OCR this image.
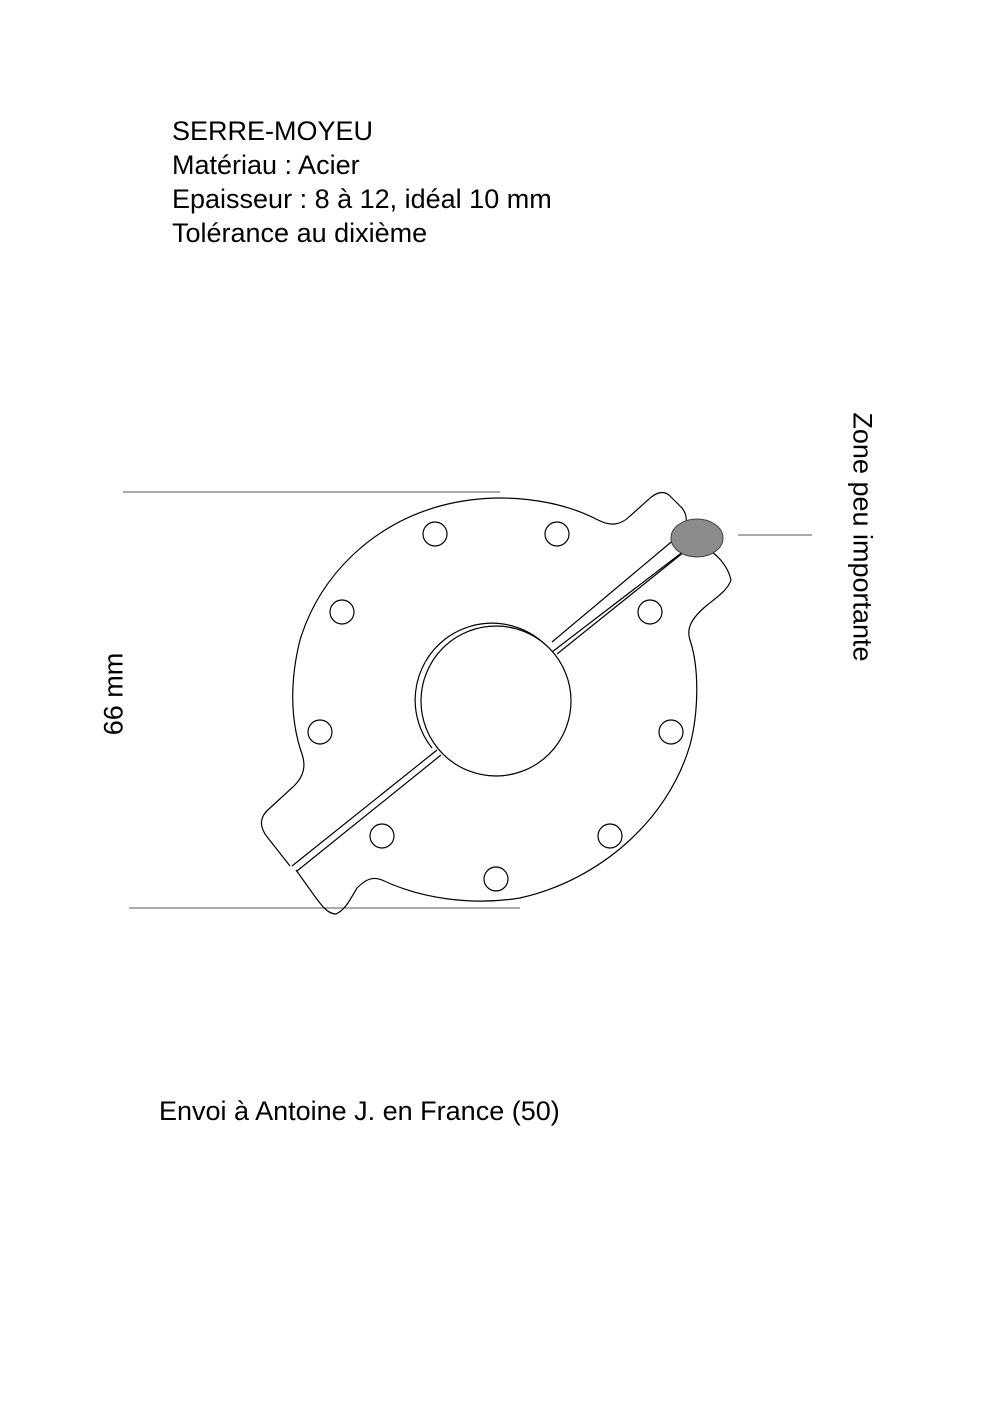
SERRE-MOYEU
Matériau : Acier
Epaisseur : 8 à 12, idéal 10 mm
Tolérance au dixième
66 mm
Zone peu importante
Envoi à Antoine J. en France (50)
